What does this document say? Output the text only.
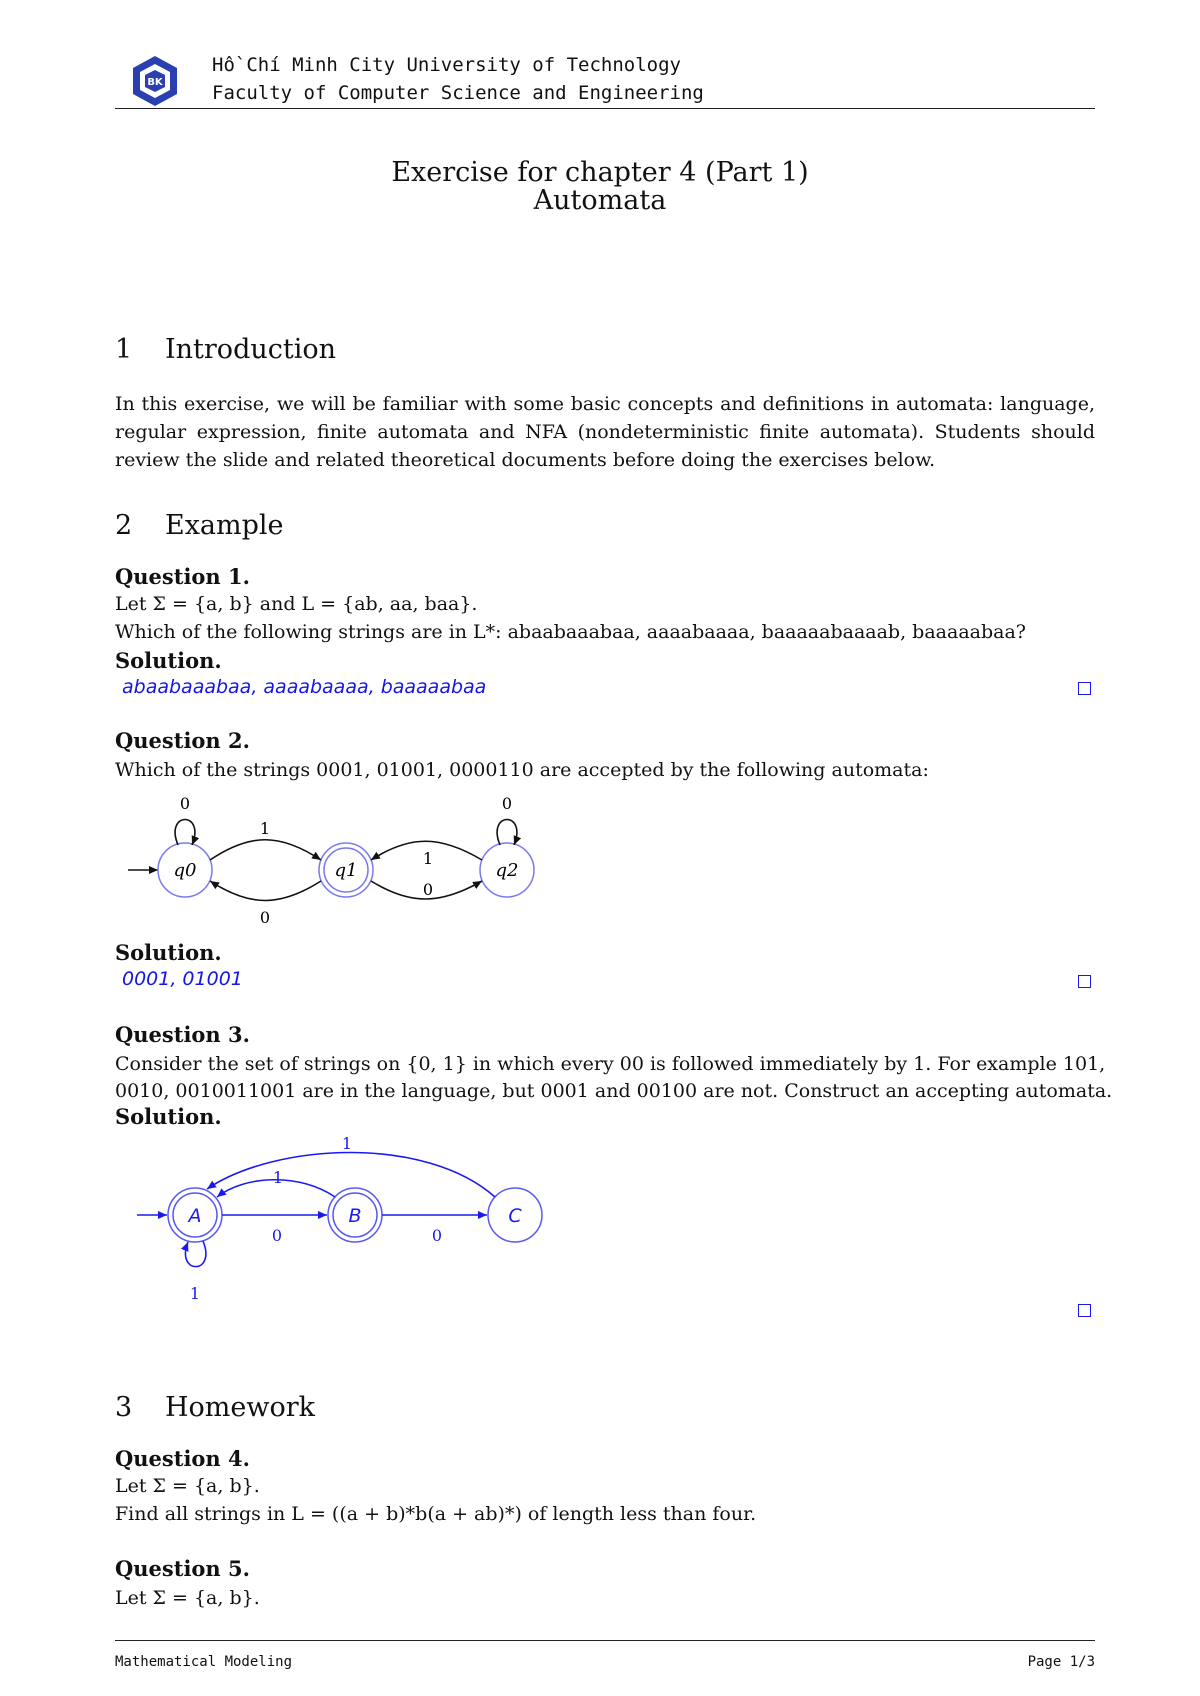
BK
Hồ Chí Minh City University of Technology
Faculty of Computer Science and Engineering
Exercise for chapter 4 (Part 1)
Automata
1 Introduction
In this exercise, we will be familiar with some basic concepts and definitions in automata: language, regular expression, finite automata and NFA (nondeterministic finite automata). Students should review the slide and related theoretical documents before doing the exercises below.
2 Example
Question 1.
Let Σ = {a, b} and L = {ab, aa, baa}.
Which of the following strings are in L*: abaabaaabaa, aaaabaaaa, baaaaabaaaab, baaaaabaa?
Solution.
abaabaaabaa, aaaabaaaa, baaaaabaa
Question 2.
Which of the strings 0001, 01001, 0000110 are accepted by the following automata:
q0	q1	q2
0	0
1
0
1
0
Solution.
0001, 01001
Question 3.
Consider the set of strings on {0, 1} in which every 00 is followed immediately by 1. For example 101,
0010, 0010011001 are in the language, but 0001 and 00100 are not. Construct an accepting automata.
Solution.
A	B	C
1
1
0	0
1
3 Homework
Question 4.
Let Σ = {a, b}.
Find all strings in L = ((a + b)*b(a + ab)*) of length less than four.
Question 5.
Let Σ = {a, b}.
Mathematical Modeling	Page 1/3
